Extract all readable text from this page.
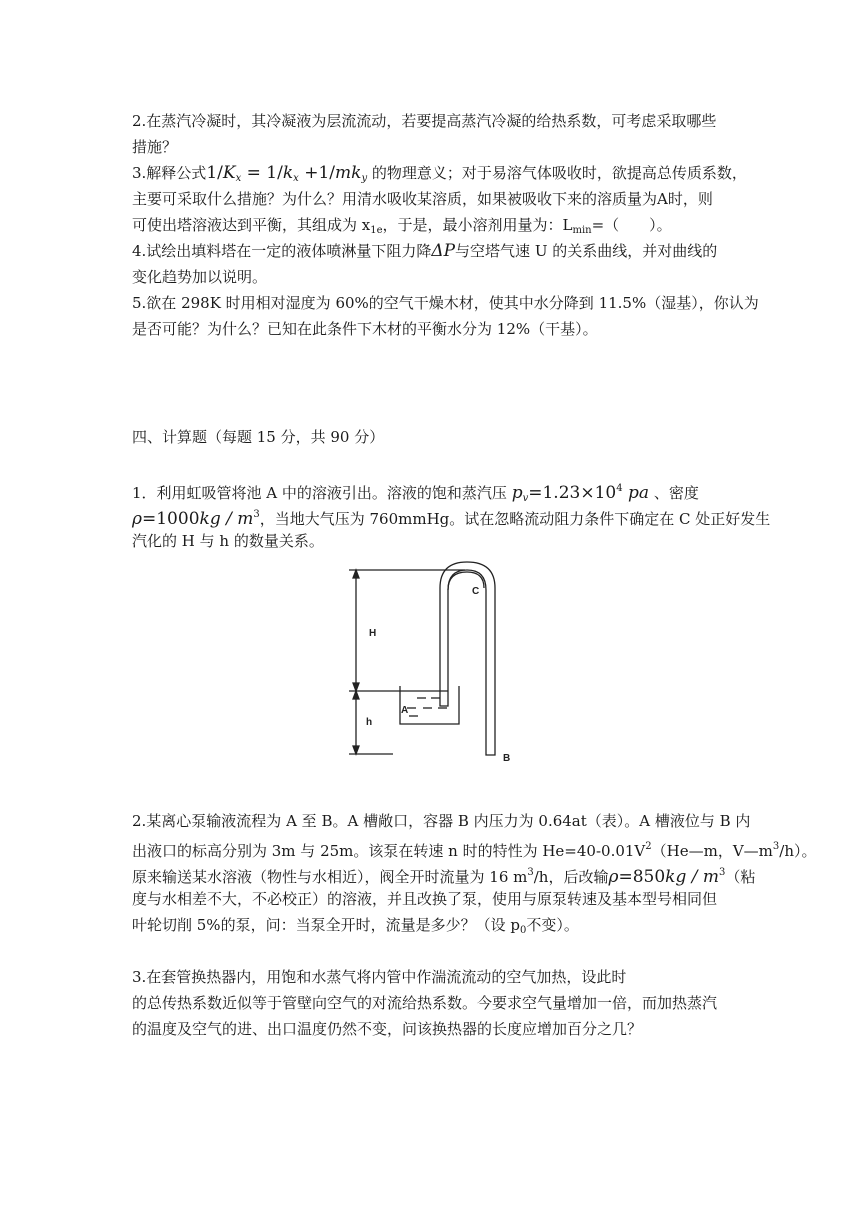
2.在蒸汽冷凝时，其冷凝液为层流流动，若要提高蒸汽冷凝的给热系数，可考虑采取哪些
措施？
3.解释公式$1/K_x = 1/k_x +1/mk_y$ 的物理意义；对于易溶气体吸收时，欲提高总传质系数，
主要可采取什么措施？为什么？用清水吸收某溶质，如果被吸收下来的溶质量为A时，则
可使出塔溶液达到平衡，其组成为 $x_{1e}$，于是，最小溶剂用量为：$L_{min}=$（　　）。
4.试绘出填料塔在一定的液体喷淋量下阻力降ΔP与空塔气速 U 的关系曲线，并对曲线的
变化趋势加以说明。
5.欲在 298K 时用相对湿度为 60%的空气干燥木材，使其中水分降到 11.5%（湿基），你认为
是否可能？为什么？已知在此条件下木材的平衡水分为 12%（干基）。
四、计算题（每题 15 分，共 90 分）
1．利用虹吸管将池 A 中的溶液引出。溶液的饱和蒸汽压 $p_v=1.23\times 10^4$ pa 、密度
$\rho=1000kg / m^3$，当地大气压为 760mmHg。试在忽略流动阻力条件下确定在 C 处正好发生
汽化的 H 与 h 的数量关系。
C
H
h
A
B
2.某离心泵输液流程为 A 至 B。A 槽敞口，容器 B 内压力为 0.64at（表）。A 槽液位与 B 内
出液口的标高分别为 3m 与 25m。该泵在转速 n 时的特性为 $He=40-0.01V^2(He—m$，$V—m^3/h$）。
原来输送某水溶液（物性与水相近），阀全开时流量为 16 $m^3/h$，后改输$\rho=850kg / m^3$（粘
度与水相差不大，不必校正）的溶液，并且改换了泵，使用与原泵转速及基本型号相同但
叶轮切削 5%的泵，问：当泵全开时，流量是多少？（设 $p_0$不变）。
3.在套管换热器内，用饱和水蒸气将内管中作湍流流动的空气加热，设此时
的总传热系数近似等于管壁向空气的对流给热系数。今要求空气量增加一倍，而加热蒸汽
的温度及空气的进、出口温度仍然不变，问该换热器的长度应增加百分之几？
